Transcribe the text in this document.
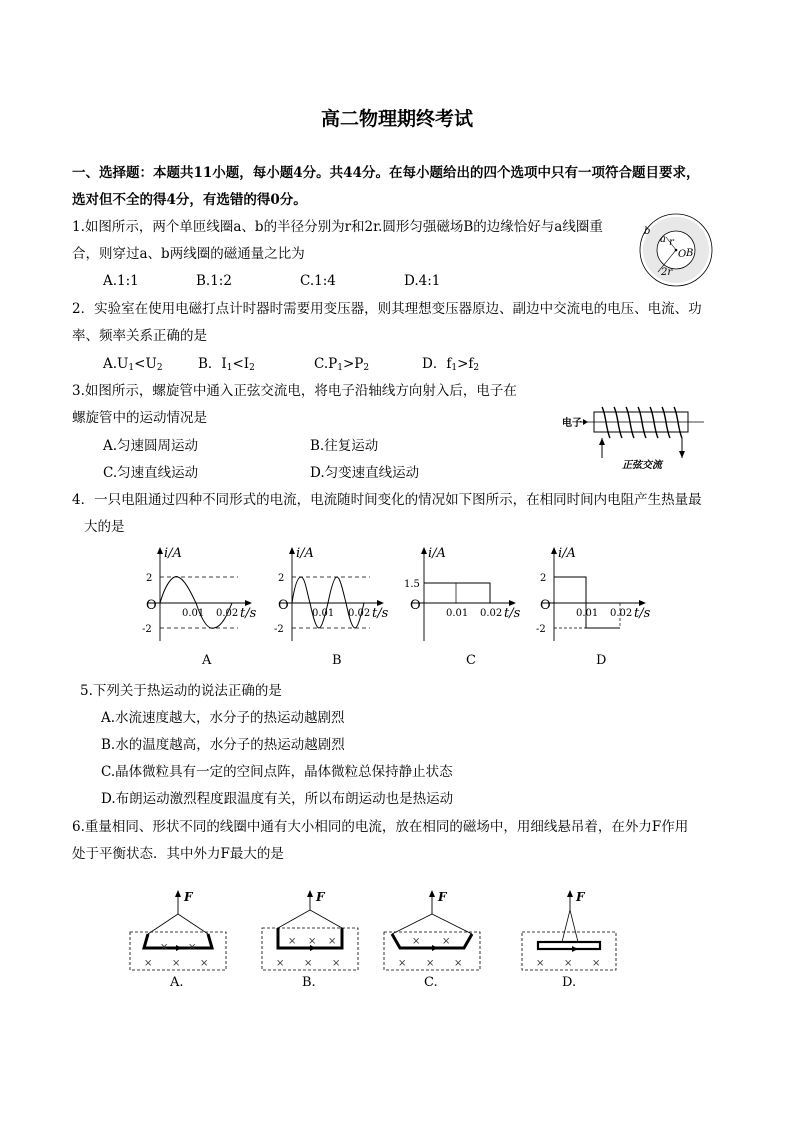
高二物理期终考试
一、选择题：本题共11小题，每小题4分。共44分。在每小题给出的四个选项中只有一项符合题目要求，
选对但不全的得4分，有选错的得0分。
1.如图所示，两个单匝线圈a、b的半径分别为r和2r.圆形匀强磁场B的边缘恰好与a线圈重
合，则穿过a、b两线圈的磁通量之比为
A.1:1	B.1:2	C.1:4	D.4:1
b
a r
O B
2r
2．实验室在使用电磁打点计时器时需要用变压器，则其理想变压器原边、副边中交流电的电压、电流、功
率、频率关系正确的是
$A.U_1<U_2$	B．$I_1<I_2$	$C.P_1>P_2$	D．$f_1>f_2$
3.如图所示，螺旋管中通入正弦交流电，将电子沿轴线方向射入后，电子在
螺旋管中的运动情况是
A.匀速圆周运动	B.往复运动
C.匀速直线运动	D.匀变速直线运动
电子
正弦交流
4．一只电阻通过四种不同形式的电流，电流随时间变化的情况如下图所示，在相同时间内电阻产生热量最
大的是
i/A
2
-2
O
0.01 0.02 t/s
A
i/A
2
-2
O
0.01 0.02 t/s
B
i/A
1.5
O
0.01 0.02 t/s
C
i/A
2
-2
O
0.01 0.02 t/s
D
5.下列关于热运动的说法正确的是
A.水流速度越大，水分子的热运动越剧烈
B.水的温度越高，水分子的热运动越剧烈
C.晶体微粒具有一定的空间点阵，晶体微粒总保持静止状态
D.布朗运动激烈程度跟温度有关，所以布朗运动也是热运动
6.重量相同、形状不同的线圈中通有大小相同的电流，放在相同的磁场中，用细线悬吊着，在外力F作用
处于平衡状态．其中外力F最大的是
F
× ×
× × ×
A.
F
× × ×
× × ×
B.
F
× ×
× × ×
C.
F
× × ×
D.
